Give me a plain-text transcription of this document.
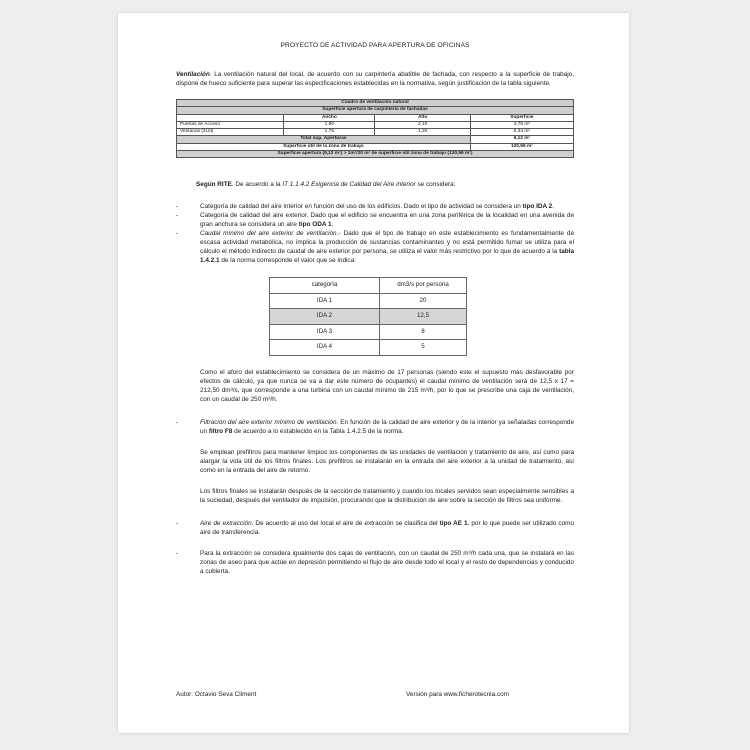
PROYECTO DE ACTIVIDAD PARA APERTURA DE OFICINAS

Ventilación. La ventilación natural del local, de acuerdo con su carpintería abatible de fachada, con respecto a la superficie de trabajo, dispone de hueco suficiente para superar las especificaciones establecidas en la normativa, según justificación de la tabla siguiente.

Cuadro de ventilación natural			
Superficie apertura de carpintería de fachadas			
	Ancho	Alto	Superficie
Puertas de Acceso	1,80	2,10	3,78 m²
Ventanas (3Ud)	1,75	1,20	5,34 m²
Total sup. Aperturas			9,12 m²
Superficie útil de la zona de trabajo			120,96 m²
Superficie apertura (9,12 m²) > 1m²/20 m² de superficie útil zona de trabajo (120,96 m²)			

Según RITE. De acuerdo a la IT 1.1.4.2 Exigencia de Calidad del Aire interior se considera:

-	Categoría de calidad del aire interior en función del uso de los edificios. Dado el tipo de actividad se considera un tipo IDA 2.

-	Categoría de calidad del aire exterior. Dado que el edificio se encuentra en una zona periférica de la localidad en una avenida de gran anchura se considera un aire tipo ODA 1.

-	Caudal mínimo del aire exterior de ventilación.- Dado que el tipo de trabajo en este establecimiento es fundamentalmente de escasa actividad metabólica, no implica la producción de sustancias contaminantes y no está permitido fumar se utiliza para el cálculo el método indirecto de caudal de aire exterior por persona, se utiliza el valor más restrictivo por lo que de acuerdo a la tabla 1.4.2.1 de la norma corresponde el valor que se indica:

categoría	dm3/s por persona
IDA 1	20
IDA 2	12,5
IDA 3	8
IDA 4	5

Como el aforo del establecimiento se considera de un máximo de 17 personas (siendo este el supuesto más desfavorable por efectos de cálculo, ya que nunca se va a dar este número de ocupantes) el caudal mínimo de ventilación será de 12,5 x 17 = 212,50 dm³/s, que corresponde a una turbina con un caudal mínimo de 215 m³/h, por lo que se prescribe una caja de ventilación, con un caudal de 250 m³/h.

-	Filtración del aire exterior mínimo de ventilación. En función de la calidad de aire exterior y de la interior ya señaladas corresponde un filtro F8 de acuerdo a lo establecido en la Tabla 1.4.2.5 de la norma.

Se emplean prefiltros para mantener limpios los componentes de las unidades de ventilación y tratamiento de aire, así como para alargar la vida útil de los filtros finales. Los prefiltros se instalarán en la entrada del aire exterior a la unidad de tratamiento, así como en la entrada del aire de retorno.

Los filtros finales se instalarán después de la sección de tratamiento y cuando los locales servidos sean especialmente sensibles a la suciedad, después del ventilador de impulsión, procurando que la distribución de aire sobre la sección de filtros sea uniforme.

-	Aire de extracción. De acuerdo al uso del local el aire de extracción se clasifica del tipo AE 1, por lo que puede ser utilizado como aire de transferencia.

-	Para la extracción se considera igualmente dos cajas de ventilación, con un caudal de 250 m³/h cada una, que se instalará en las zonas de aseo para que actúe en depresión permitiendo el flujo de aire desde todo el local y el resto de dependencias y conducido a cubierta.

Autor: Octavio Seva Climent	Versión para www.ficherotecnia.com
